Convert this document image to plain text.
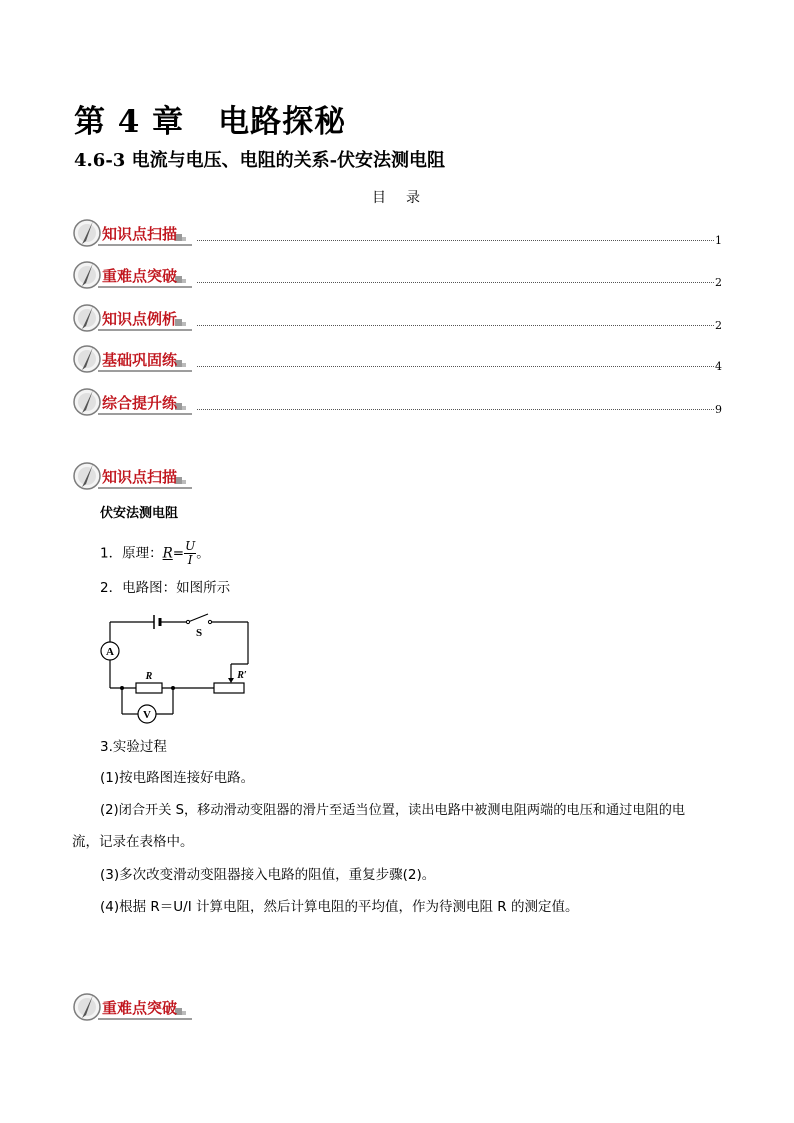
第 4 章 电路探秘
4.6-3 电流与电压、电阻的关系-伏安法测电阻
目 录
知识点扫描	1
重难点突破	2
知识点例析	2
基础巩固练	4
综合提升练	9
知识点扫描
伏安法测电阻
1．原理：$R= \frac{U}{I}$ 。
2．电路图：如图所示
A
V
S
R	R′
3.实验过程
(1)按电路图连接好电路。
(2)闭合开关 S，移动滑动变阻器的滑片至适当位置，读出电路中被测电阻两端的电压和通过电阻的电
流，记录在表格中。
(3)多次改变滑动变阻器接入电路的阻值，重复步骤(2)。
(4)根据 R＝U/I 计算电阻，然后计算电阻的平均值，作为待测电阻 R 的测定值。
重难点突破
